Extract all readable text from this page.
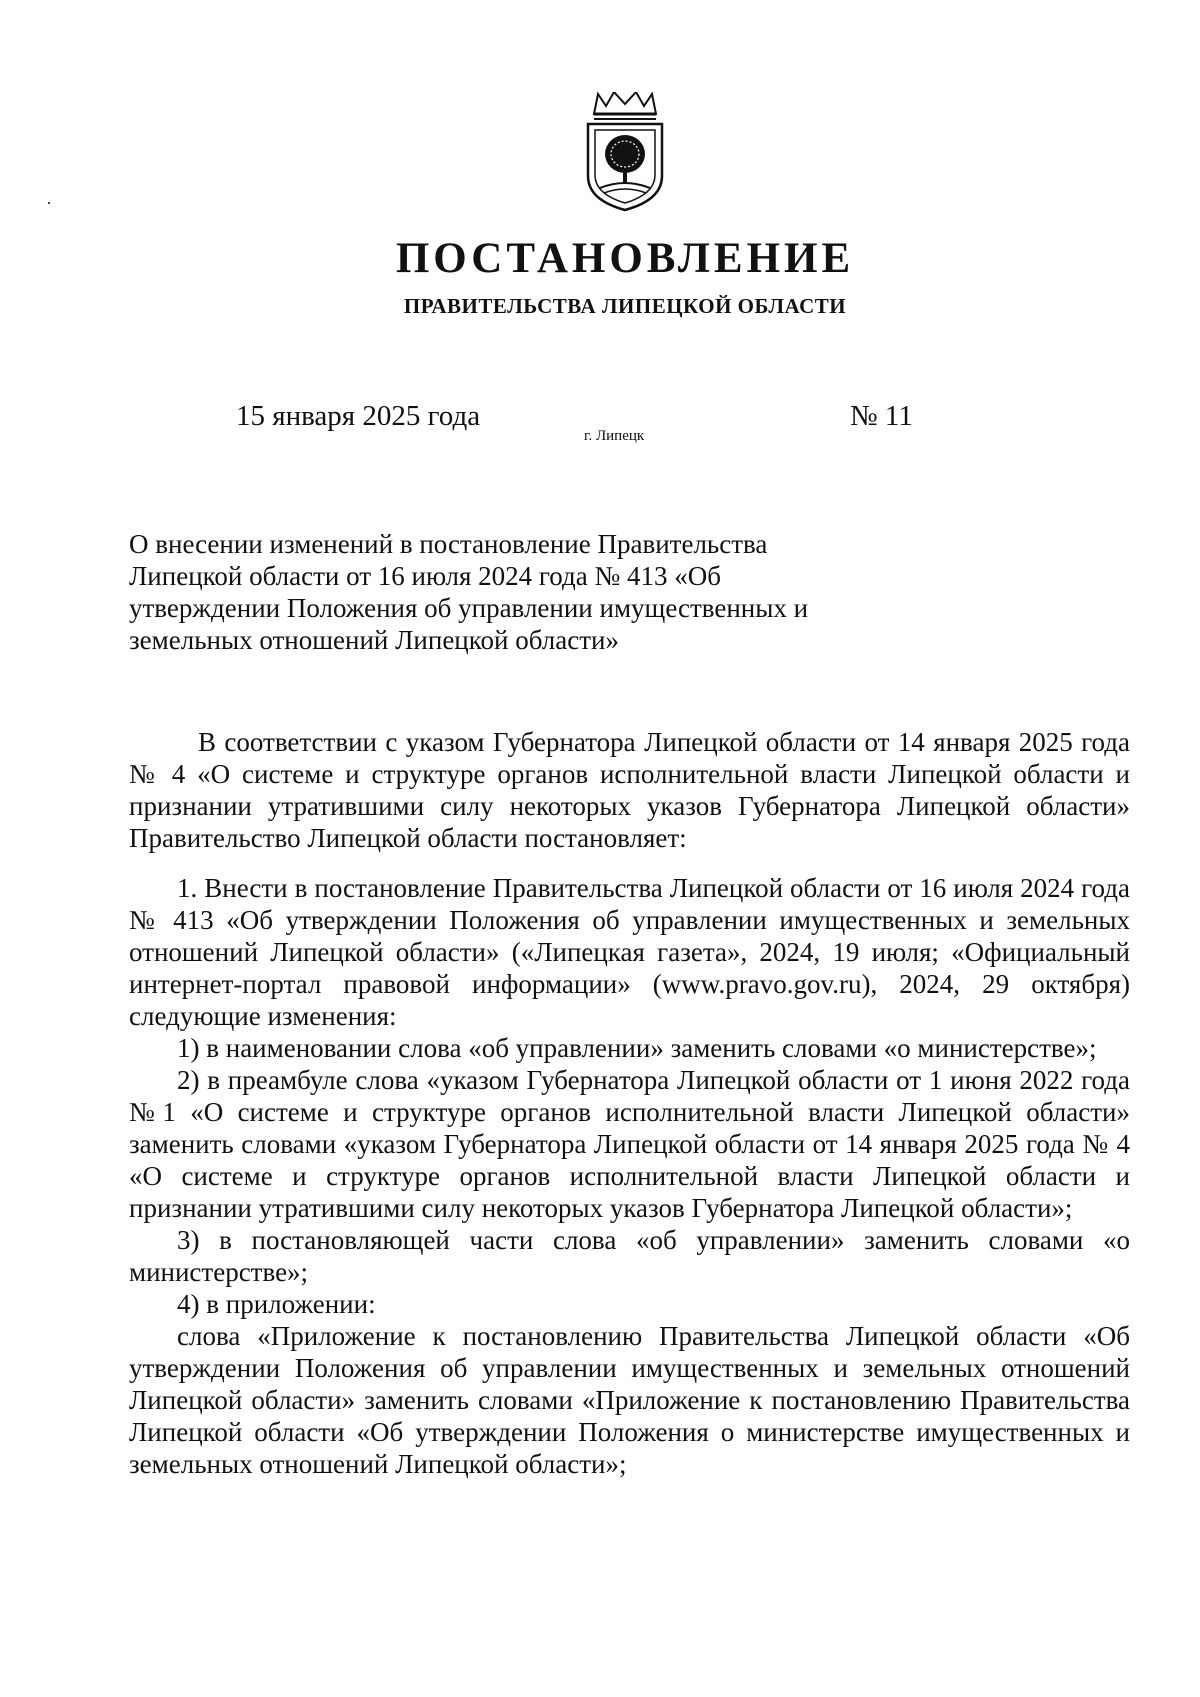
ПОСТАНОВЛЕНИЕ
ПРАВИТЕЛЬСТВА ЛИПЕЦКОЙ ОБЛАСТИ
15 января 2025 года
г. Липецк
№ 11

О внесении изменений в постановление Правительства Липецкой области от 16 июля 2024 года № 413 «Об утверждении Положения об управлении имущественных и земельных отношений Липецкой области»

В соответствии с указом Губернатора Липецкой области от 14 января 2025 года № 4 «О системе и структуре органов исполнительной власти Липецкой области и признании утратившими силу некоторых указов Губернатора Липецкой области» Правительство Липецкой области постановляет:

1. Внести в постановление Правительства Липецкой области от 16 июля 2024 года № 413 «Об утверждении Положения об управлении имущественных и земельных отношений Липецкой области» («Липецкая газета», 2024, 19 июля; «Официальный интернет-портал правовой информации» (www.pravo.gov.ru), 2024, 29 октября) следующие изменения:

1) в наименовании слова «об управлении» заменить словами «о министерстве»;

2) в преамбуле слова «указом Губернатора Липецкой области от 1 июня 2022 года №1 «О системе и структуре органов исполнительной власти Липецкой области» заменить словами «указом Губернатора Липецкой области от 14 января 2025 года № 4 «О системе и структуре органов исполнительной власти Липецкой области и признании утратившими силу некоторых указов Губернатора Липецкой области»;

3) в постановляющей части слова «об управлении» заменить словами «о министерстве»;

4) в приложении:

слова «Приложение к постановлению Правительства Липецкой области «Об утверждении Положения об управлении имущественных и земельных отношений Липецкой области» заменить словами «Приложение к постановлению Правительства Липецкой области «Об утверждении Положения о министерстве имущественных и земельных отношений Липецкой области»;
